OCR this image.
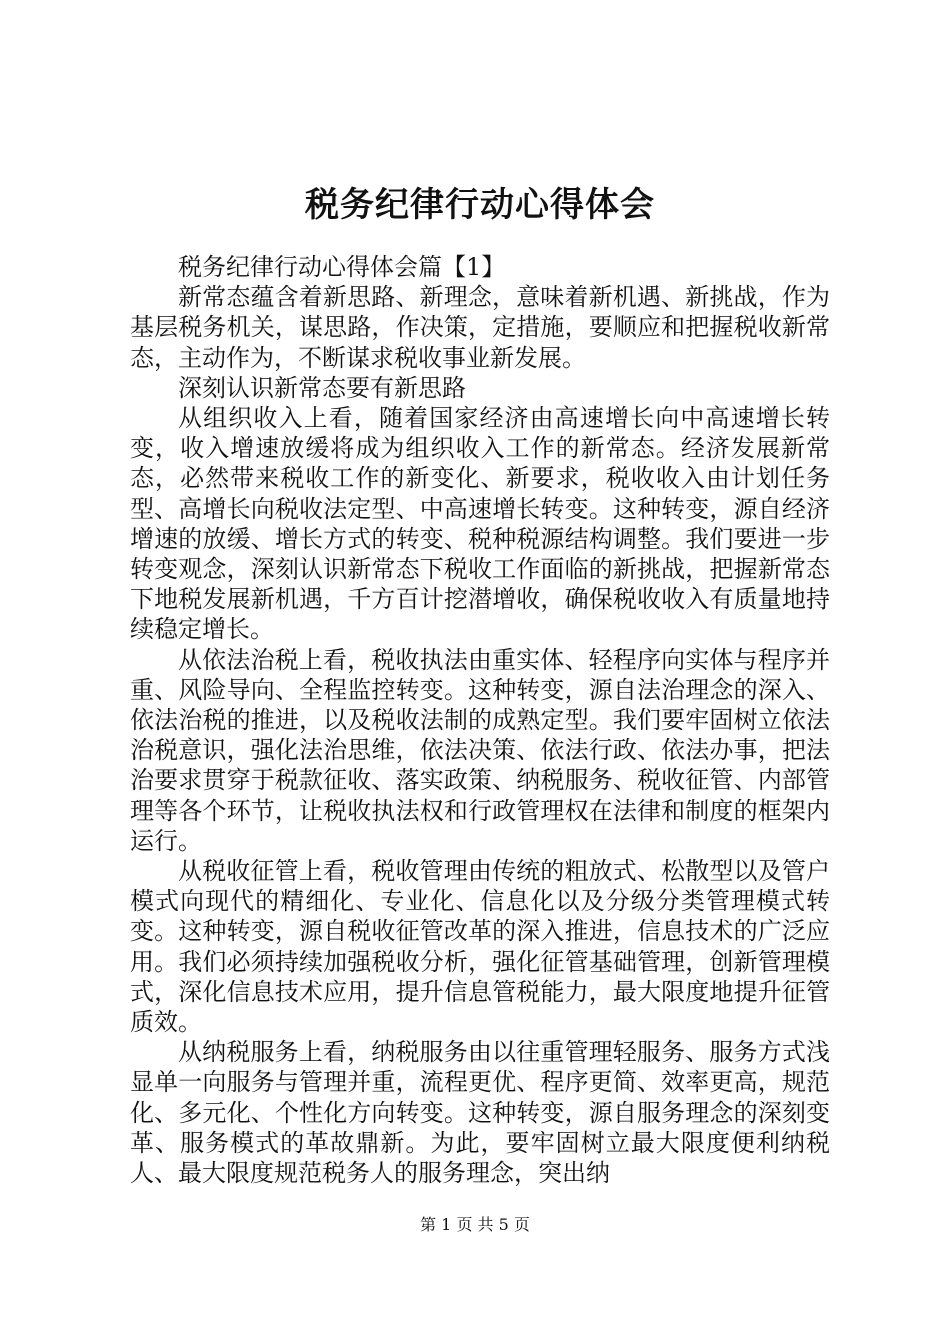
税务纪律行动心得体会

税务纪律行动心得体会篇【1】

新常态蕴含着新思路、新理念，意味着新机遇、新挑战，作为基层税务机关，谋思路，作决策，定措施，要顺应和把握税收新常态，主动作为，不断谋求税收事业新发展。

深刻认识新常态要有新思路

从组织收入上看，随着国家经济由高速增长向中高速增长转变，收入增速放缓将成为组织收入工作的新常态。经济发展新常态，必然带来税收工作的新变化、新要求，税收收入由计划任务型、高增长向税收法定型、中高速增长转变。这种转变，源自经济增速的放缓、增长方式的转变、税种税源结构调整。我们要进一步转变观念，深刻认识新常态下税收工作面临的新挑战，把握新常态下地税发展新机遇，千方百计挖潜增收，确保税收收入有质量地持续稳定增长。

从依法治税上看，税收执法由重实体、轻程序向实体与程序并重、风险导向、全程监控转变。这种转变，源自法治理念的深入、依法治税的推进，以及税收法制的成熟定型。我们要牢固树立依法治税意识，强化法治思维，依法决策、依法行政、依法办事，把法治要求贯穿于税款征收、落实政策、纳税服务、税收征管、内部管理等各个环节，让税收执法权和行政管理权在法律和制度的框架内运行。

从税收征管上看，税收管理由传统的粗放式、松散型以及管户模式向现代的精细化、专业化、信息化以及分级分类管理模式转变。这种转变，源自税收征管改革的深入推进，信息技术的广泛应用。我们必须持续加强税收分析，强化征管基础管理，创新管理模式，深化信息技术应用，提升信息管税能力，最大限度地提升征管质效。

从纳税服务上看，纳税服务由以往重管理轻服务、服务方式浅显单一向服务与管理并重，流程更优、程序更简、效率更高，规范化、多元化、个性化方向转变。这种转变，源自服务理念的深刻变革、服务模式的革故鼎新。为此，要牢固树立最大限度便利纳税人、最大限度规范税务人的服务理念，突出纳

第 1 页 共 5 页
